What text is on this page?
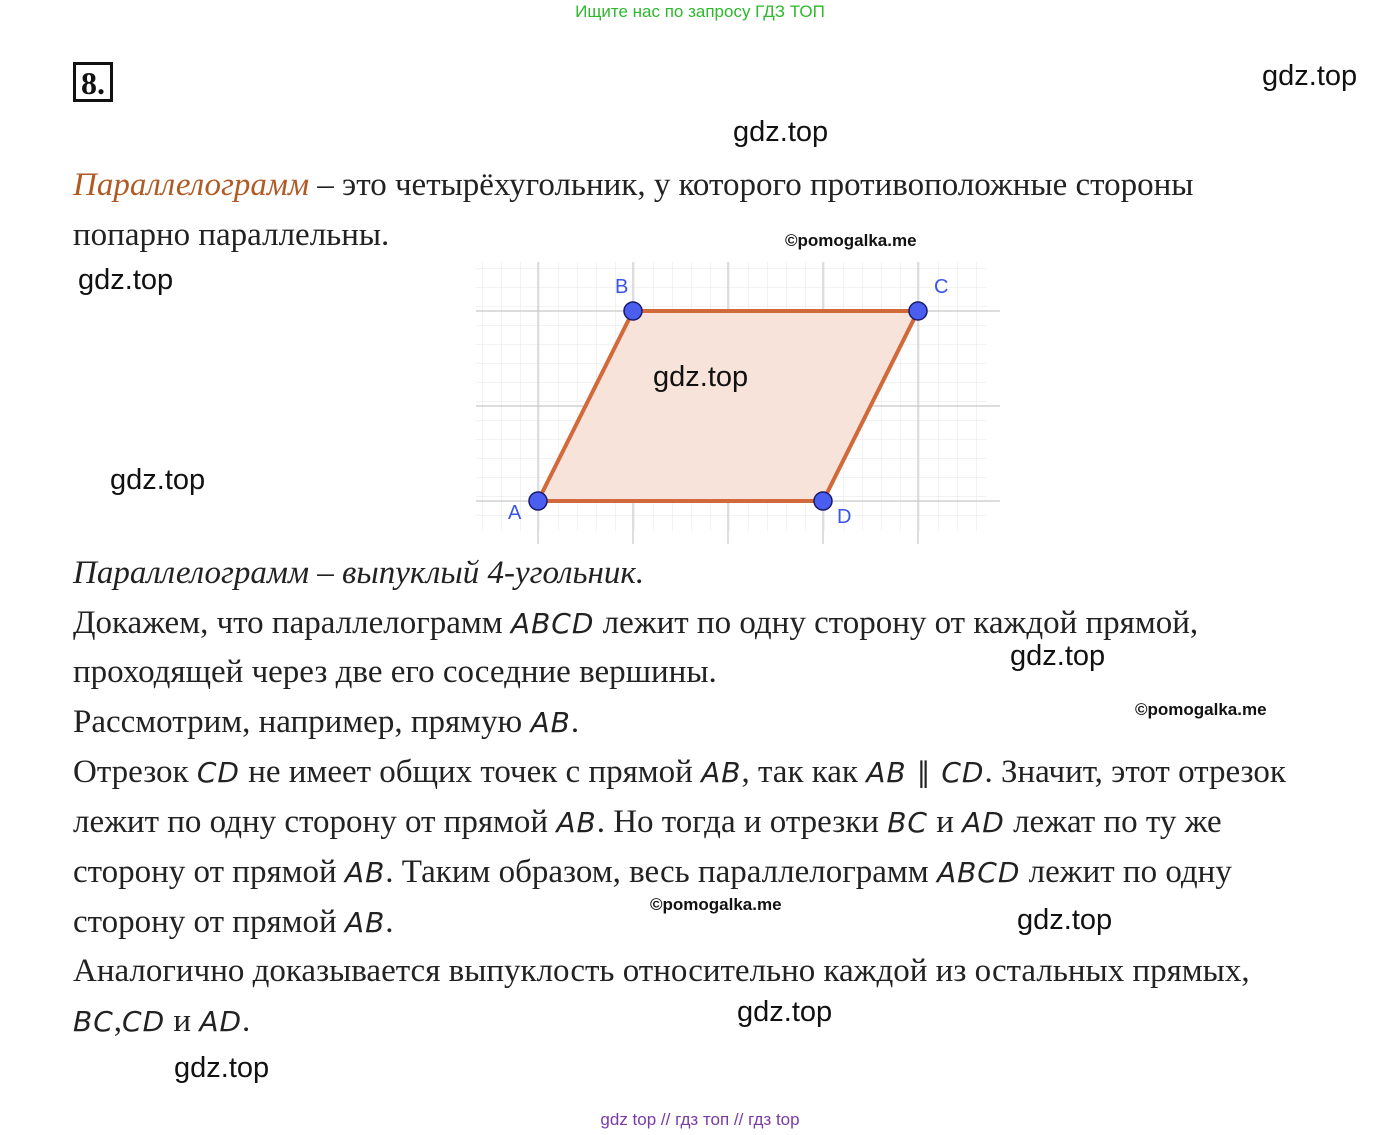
Ищите нас по запросу ГДЗ ТОП
8.	gdz.top
gdz.top
gdz.top
gdz.top
gdz.top
gdz.top
gdz.top
gdz.top
©pomogalka.me
©pomogalka.me
©pomogalka.me
Параллелограмм – это четырёхугольник, у которого противоположные стороны
попарно параллельны.
A
B	C
D
Параллелограмм – выпуклый 4-угольник.
Докажем, что параллелограмм ABCD лежит по одну сторону от каждой прямой,
проходящей через две его соседние вершины.
Рассмотрим, например, прямую AB.
Отрезок CD не имеет общих точек с прямой AB, так как AB ∥ CD. Значит, этот отрезок
лежит по одну сторону от прямой AB. Но тогда и отрезки BC и AD лежат по ту же
сторону от прямой AB. Таким образом, весь параллелограмм ABCD лежит по одну
сторону от прямой AB.
Аналогично доказывается выпуклость относительно каждой из остальных прямых,
BC,CD и AD.
gdz.top
gdz top // гдз топ // гдз top
